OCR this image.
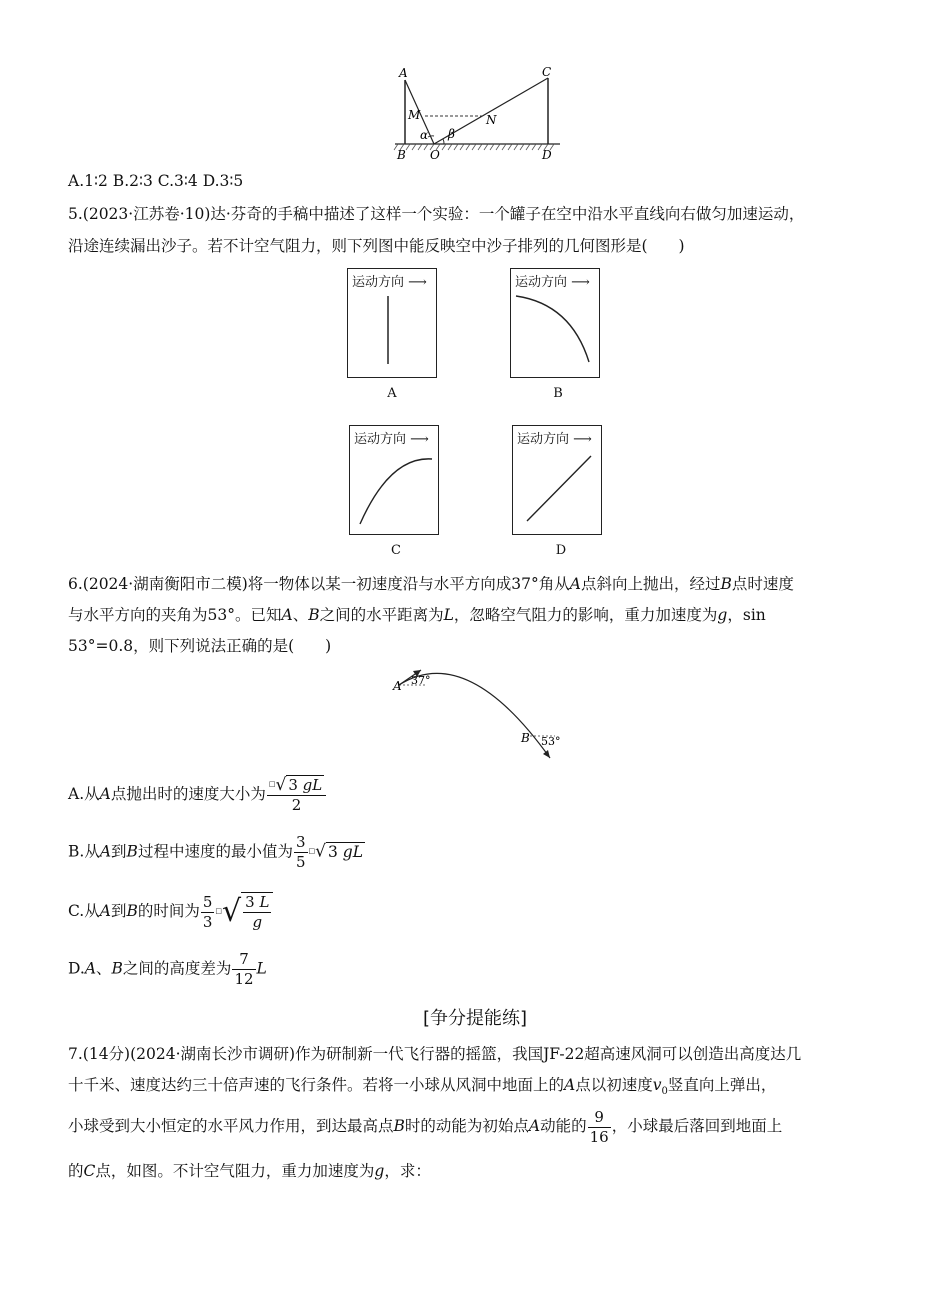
A	C
M	N
α β
B O	D
A.1∶2 B.2∶3 C.3∶4 D.3∶5
5.(2023·江苏卷·10)达·芬奇的手稿中描述了这样一个实验：一个罐子在空中沿水平直线向右做匀加速运动，
沿途连续漏出沙子。若不计空气阻力，则下列图中能反映空中沙子排列的几何图形是(　　)
运动方向 ⟶
A
运动方向 ⟶
B
运动方向 ⟶
C
运动方向 ⟶
D
6.(2024·湖南衡阳市二模)将一物体以某一初速度沿与水平方向成37°角从A点斜向上抛出，经过B点时速度
与水平方向的夹角为53°。已知A、B之间的水平距离为L，忽略空气阻力的影响，重力加速度为g，sin
53°=0.8，则下列说法正确的是(　　)
A 37°
B 53°
A.从A点抛出时的速度大小为 $\frac{^□√ 3 gL}{2}$
B.从A到B过程中速度的最小值为 $\frac{3}{5} ^□√$ 3 gL
C.从A到B的时间为 $\frac{5}{3} ^□√ \frac{3 L}{g}$
D.A、B之间的高度差为 $\frac{7}{12}$ L
[争分提能练]
7.(14分)(2024·湖南长沙市调研)作为研制新一代飞行器的摇篮，我国JF-22超高速风洞可以创造出高度达几
十千米、速度达约三十倍声速的飞行条件。若将一小球从风洞中地面上的A点以初速度$v_0$竖直向上弹出，
小球受到大小恒定的水平风力作用，到达最高点B时的动能为初始点A动能的 $\frac{9}{16}$ ，小球最后落回到地面上
的C点，如图。不计空气阻力，重力加速度为g，求：
